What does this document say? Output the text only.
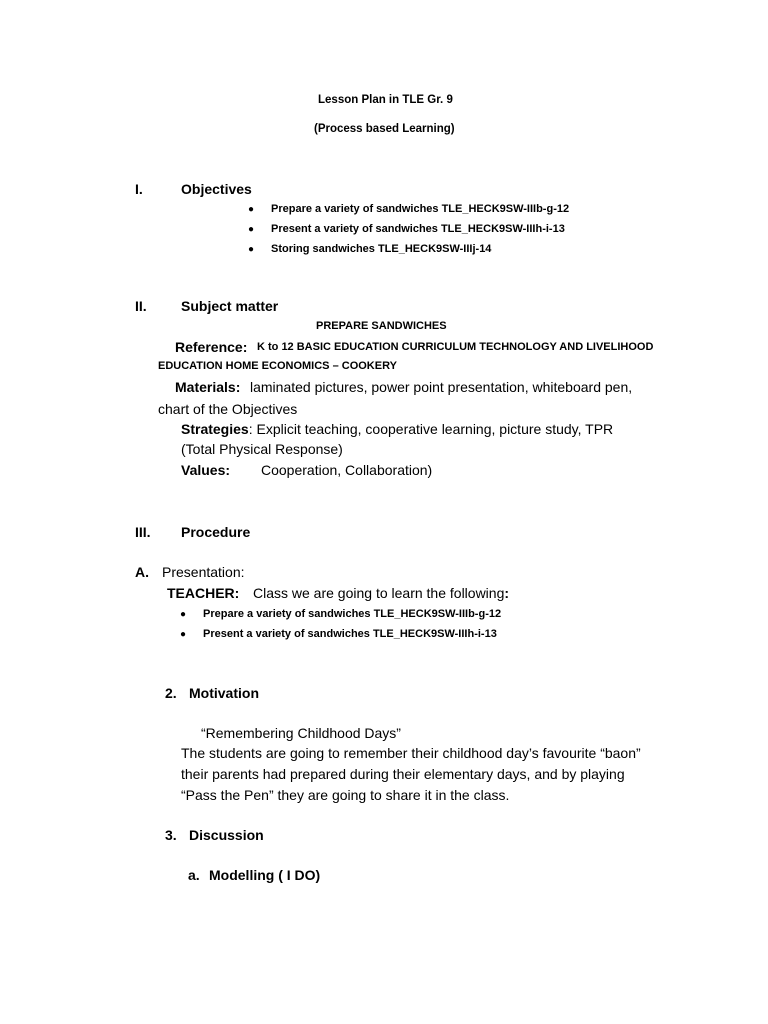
Lesson Plan in TLE Gr. 9
(Process based Learning)
I.	Objectives
● Prepare a variety of sandwiches TLE_HECK9SW-IIIb-g-12
● Present a variety of sandwiches TLE_HECK9SW-IIIh-i-13
● Storing sandwiches TLE_HECK9SW-IIIj-14
II. Subject matter
PREPARE SANDWICHES
Reference: K to 12 BASIC EDUCATION CURRICULUM TECHNOLOGY AND LIVELIHOOD
EDUCATION HOME ECONOMICS – COOKERY
Materials: laminated pictures, power point presentation, whiteboard pen,
chart of the Objectives
Strategies: Explicit teaching, cooperative learning, picture study, TPR
(Total Physical Response)
Values: Cooperation, Collaboration)
III. Procedure
A. Presentation:
TEACHER: Class we are going to learn the following:
● Prepare a variety of sandwiches TLE_HECK9SW-IIIb-g-12
● Present a variety of sandwiches TLE_HECK9SW-IIIh-i-13
2. Motivation
“Remembering Childhood Days”
The students are going to remember their childhood day’s favourite “baon”
their parents had prepared during their elementary days, and by playing
“Pass the Pen” they are going to share it in the class.
3. Discussion
a. Modelling ( I DO)
